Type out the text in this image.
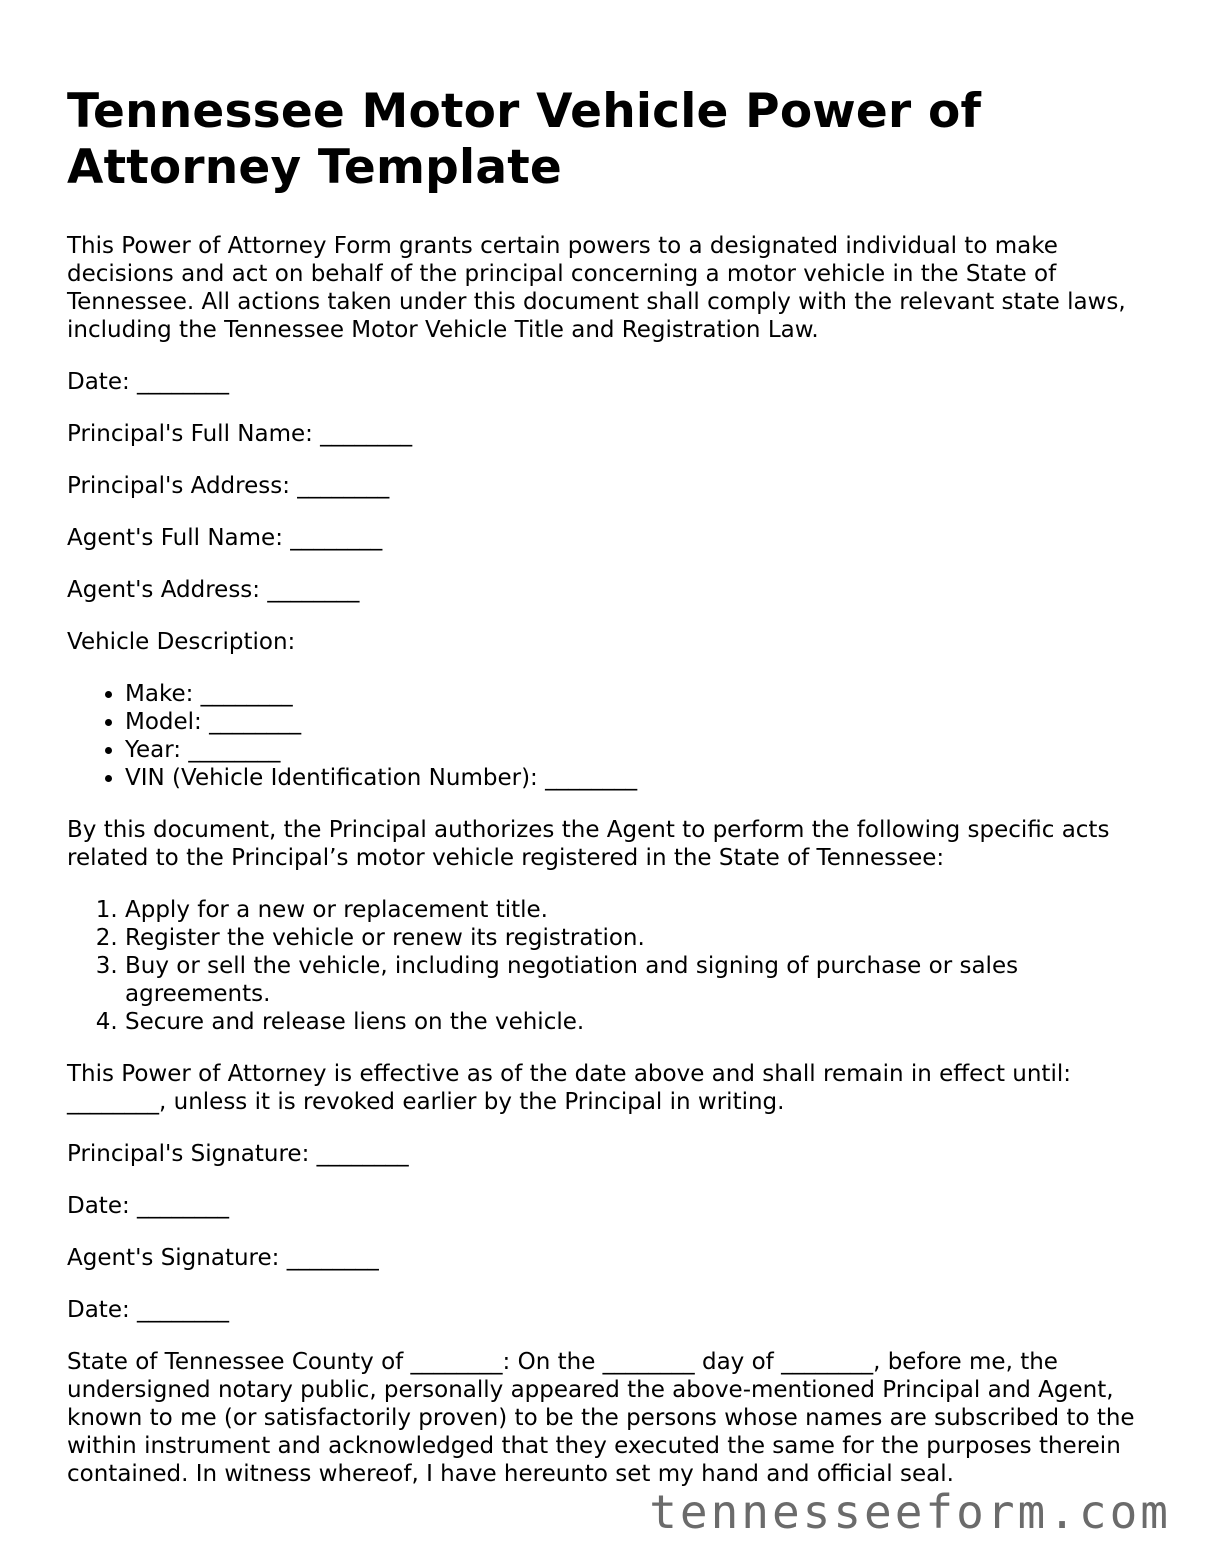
Tennessee Motor Vehicle Power of Attorney Template

This Power of Attorney Form grants certain powers to a designated individual to make decisions and act on behalf of the principal concerning a motor vehicle in the State of Tennessee. All actions taken under this document shall comply with the relevant state laws, including the Tennessee Motor Vehicle Title and Registration Law.

Date: ________

Principal's Full Name: ________

Principal's Address: ________

Agent's Full Name: ________

Agent's Address: ________

Vehicle Description:

• Make: ________
• Model: ________
• Year: ________
• VIN (Vehicle Identification Number): ________

By this document, the Principal authorizes the Agent to perform the following specific acts related to the Principal’s motor vehicle registered in the State of Tennessee:

1. Apply for a new or replacement title.
2. Register the vehicle or renew its registration.
3. Buy or sell the vehicle, including negotiation and signing of purchase or sales agreements.
4. Secure and release liens on the vehicle.

This Power of Attorney is effective as of the date above and shall remain in effect until: ________, unless it is revoked earlier by the Principal in writing.

Principal's Signature: ________

Date: ________

Agent's Signature: ________

Date: ________

State of Tennessee County of ________: On the ________ day of ________, before me, the undersigned notary public, personally appeared the above-mentioned Principal and Agent, known to me (or satisfactorily proven) to be the persons whose names are subscribed to the within instrument and acknowledged that they executed the same for the purposes therein contained. In witness whereof, I have hereunto set my hand and official seal.

tennesseeform.com
